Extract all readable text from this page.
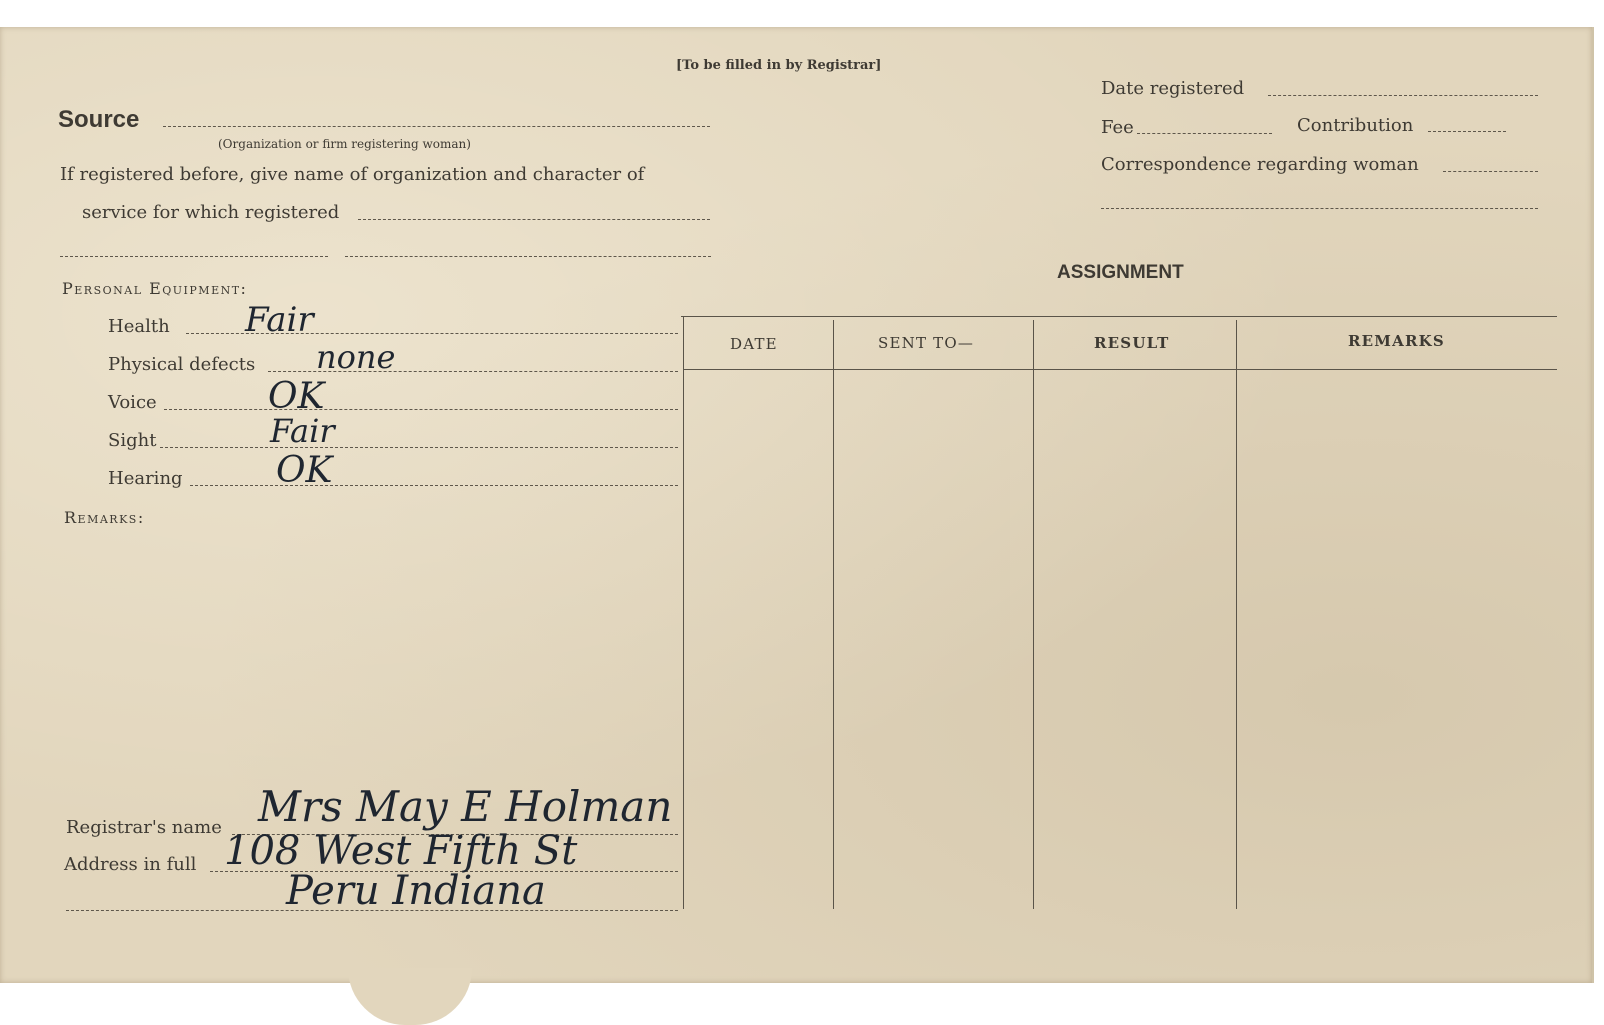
[To be filled in by Registrar]
Source
(Organization or firm registering woman)
If registered before, give name of organization and character of
service for which registered
Date registered
Fee	Contribution
Correspondence regarding woman
Personal Equipment:
Health Fair
Physical defects none
Voice	OK
Sight	Fair
Hearing	OK
Remarks:
ASSIGNMENT
DATE	SENT TO—	RESULT	REMARKS
Registrar's name Mrs May E Holman
Address in full 108 West Fifth St
Peru Indiana
